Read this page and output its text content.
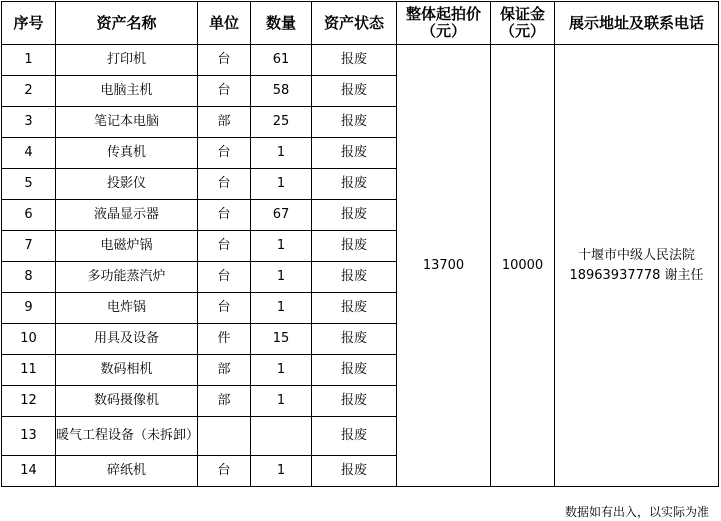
序号	资产名称	单位	数量	资产状态	整体起拍价（元）	保证金（元）	展示地址及联系电话
1	打印机	台	61	报废	13700	10000	十堰市中级人民法院
18963937778 谢主任

2	电脑主机	台	58	报废			
3	笔记本电脑	部	25	报废			
4	传真机	台	1	报废			
5	投影仪	台	1	报废			
6	液晶显示器	台	67	报废			
7	电磁炉锅	台	1	报废			
8	多功能蒸汽炉	台	1	报废			
9	电炸锅	台	1	报废			
10	用具及设备	件	15	报废			
11	数码相机	部	1	报废			
12	数码摄像机	部	1	报废			
13	暖气工程设备（未拆卸）			报废			
14	碎纸机	台	1	报废			
数据如有出入，以实际为准
